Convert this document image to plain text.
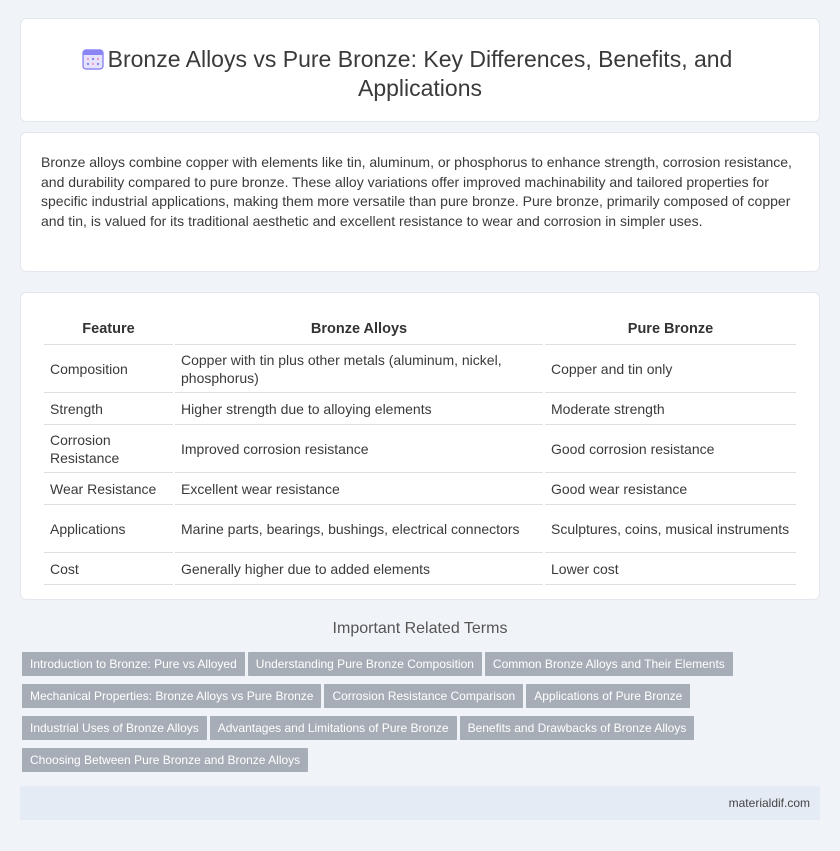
Bronze Alloys vs Pure Bronze: Key Differences, Benefits, and Applications

Bronze alloys combine copper with elements like tin, aluminum, or phosphorus to enhance strength, corrosion resistance, and durability compared to pure bronze. These alloy variations offer improved machinability and tailored properties for specific industrial applications, making them more versatile than pure bronze. Pure bronze, primarily composed of copper and tin, is valued for its traditional aesthetic and excellent resistance to wear and corrosion in simpler uses.

Feature	Bronze Alloys	Pure Bronze
Composition	Copper with tin plus other metals (aluminum, nickel, phosphorus)	Copper and tin only
Strength	Higher strength due to alloying elements	Moderate strength
Corrosion Resistance	Improved corrosion resistance	Good corrosion resistance
Wear Resistance	Excellent wear resistance	Good wear resistance
Applications	Marine parts, bearings, bushings, electrical connectors	Sculptures, coins, musical instruments
Cost	Generally higher due to added elements	Lower cost
Important Related Terms
Introduction to Bronze: Pure vs Alloyed Understanding Pure Bronze Composition Common Bronze Alloys and Their Elements
Mechanical Properties: Bronze Alloys vs Pure Bronze Corrosion Resistance Comparison Applications of Pure Bronze
Industrial Uses of Bronze Alloys Advantages and Limitations of Pure Bronze Benefits and Drawbacks of Bronze Alloys
Choosing Between Pure Bronze and Bronze Alloys
materialdif.com
